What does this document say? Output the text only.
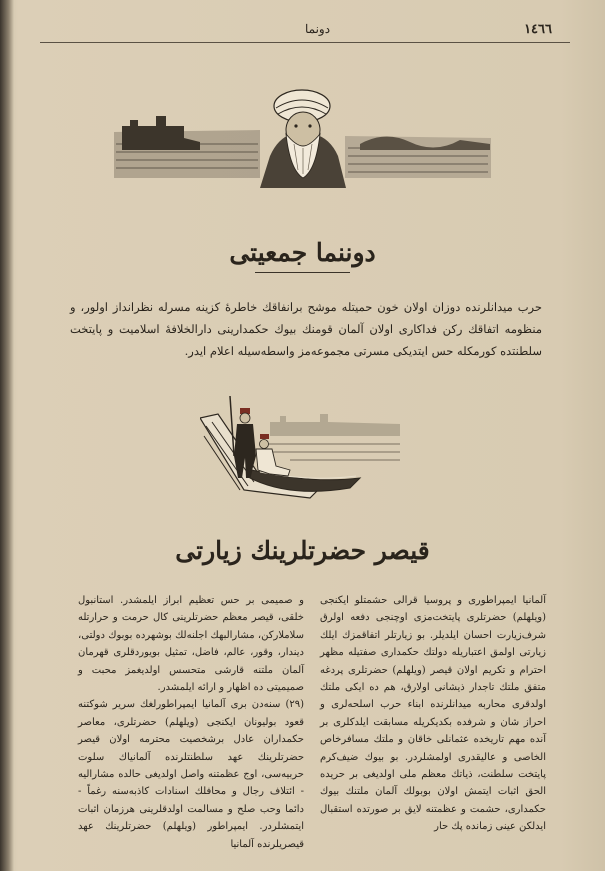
دونما	١٤٦٦
دوننما جمعيتی
حرب ميدانلرنده دوزان اولان خون حميتله موشح برانفاقك خاطرۀ كزينه مسرله نظرانداز اولور، و منظومه اتفاقك ركن فداكاری اولان آلمان قومنك بيوك حكمدارينی دارالخلافۀ اسلاميت و پايتخت سلطنتده كورمكله حس ايتديكی مسرتی مجموعه‌مز واسطه‌سيله اعلام ايدر.
قيصر حضرتلرينك زيارتی

آلمانيا ايمپراطوری و پروسيا قرالی حشمتلو ايكنجی (ويلهلم) حضرتلری پايتخت‌مزی اوچنجی دفعه اولرق شرف‌زيارت احسان ايلديلر. بو زيارتلر اتفاقمزك ايلك زيارتی اولمق اعتباريله دولتك حكمداری صفتيله مظهر احترام و تكريم اولان قيصر (ويلهلم) حضرتلری پردغه متفق ملتك تاجدار ذيشانی اولارق، هم ده ايكی ملتك اولدقری محاربه ميدانلرنده ابناء حرب اسلحه‌لری و احراز شان و شرفده بكديكريله مسابقت ايلدكلری بر آنده مهم تاريخده عثمانلی خاقان و ملتك مسافرخاص الخاصی و عاليقدری اولمشلردر. بو بيوك ضيف‌كرم پايتخت سلطنت، ذياتك معظم ملی اولديغی بر حريده الحق اثبات ايتمش اولان بوبولك آلمان ملتنك بيوك حكمداری، حشمت و عظمتنه لايق بر صورتده استقبال ايدلكن عينی زمانده پك حار

و صميمی بر حس تعظيم ابراز ايلمشدر. استانبول خلقی، قيصر معظم حضرتلرينی كال حرمت و حرارتله سلاملاركن، مشارالبهك اجلنه‌لك بوشهرده بوبوك دولتی، ديندار، وقور، عالم، فاضل، تمثيل بويوردقلری قهرمان آلمان ملتنه قارشی متحسس اولديغمز محبت و صميميتی ده اظهار و ارائه ايلمشدر.

(٢٩) سنه‌دن بری آلمانيا ايمپراطورلغك سرير شوكتنه قعود بوليونان ايكنجی (ويلهلم) حضرتلری، معاصر حكمداران عادل برشخصيت محترمه اولان قيصر حضرتلرينك عهد سلطنتلرنده آلمانياك سلوت حربيه‌سی، اوج عظمتنه واصل اولديغی حالده مشاراليه - ائتلاف رجال و محافلك اسنادات كاذبه‌سنه رغماً - دائما وحب صلح و مسالمت اولدقلرينی هرزمان اثبات ايتمشلردر. ايمپراطور (ويلهلم) حضرتلرينك عهد قيصريلرنده آلمانيا
